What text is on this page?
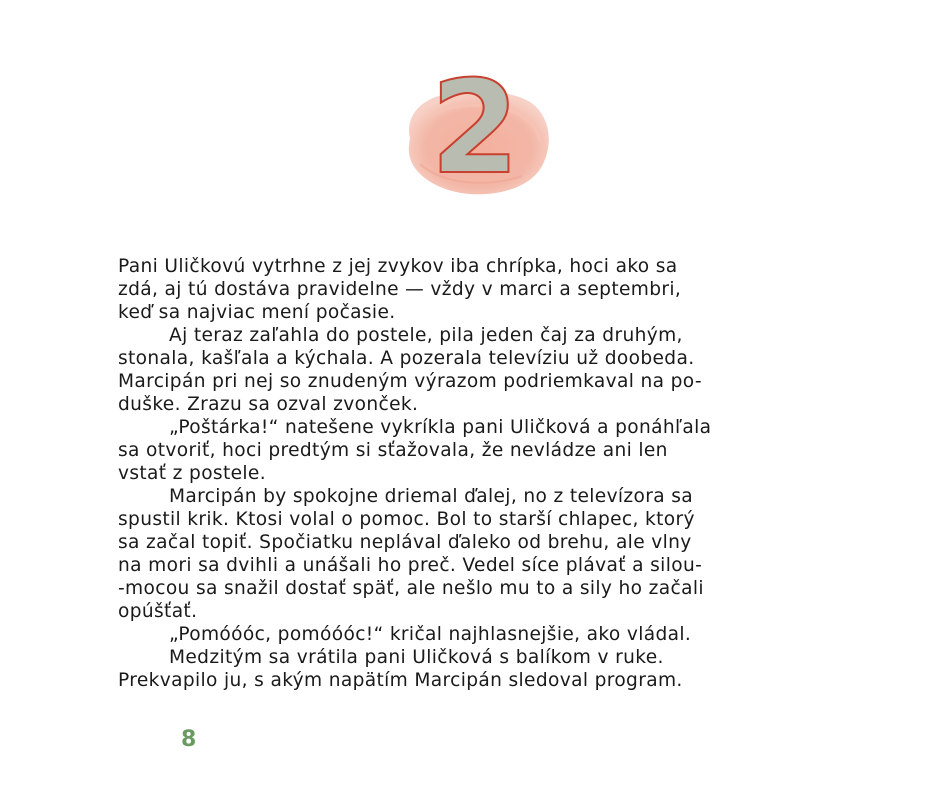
2
Pani Uličkovú vytrhne z jej zvykov iba chrípka, hoci ako sa
zdá, aj tú dostáva pravidelne — vždy v marci a septembri,
keď sa najviac mení počasie.
Aj teraz zaľahla do postele, pila jeden čaj za druhým,
stonala, kašľala a kýchala. A pozerala televíziu už doobeda.
Marcipán pri nej so znudeným výrazom podriemkaval na po-
duške. Zrazu sa ozval zvonček.
„Poštárka!“ natešene vykríkla pani Uličková a ponáhľala
sa otvoriť, hoci predtým si sťažovala, že nevládze ani len
vstať z postele.
Marcipán by spokojne driemal ďalej, no z televízora sa
spustil krik. Ktosi volal o pomoc. Bol to starší chlapec, ktorý
sa začal topiť. Spočiatku neplával ďaleko od brehu, ale vlny
na mori sa dvihli a unášali ho preč. Vedel síce plávať a silou-
-mocou sa snažil dostať späť, ale nešlo mu to a sily ho začali
opúšťať.
„Pomóóóc, pomóóóc!“ kričal najhlasnejšie, ako vládal.
Medzitým sa vrátila pani Uličková s balíkom v ruke.
Prekvapilo ju, s akým napätím Marcipán sledoval program.
8
